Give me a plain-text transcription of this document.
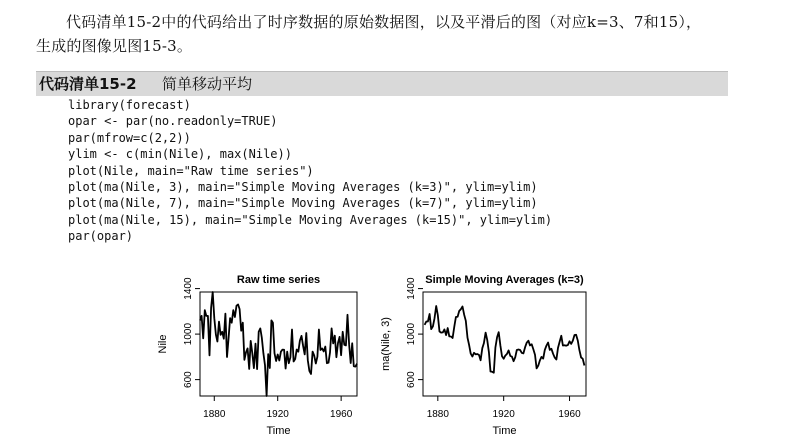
代码清单15-2中的代码给出了时序数据的原始数据图，以及平滑后的图（对应k=3、7和15），
生成的图像见图15-3。
代码清单15-2 简单移动平均
library(forecast)
opar <- par(no.readonly=TRUE)
par(mfrow=c(2,2))
ylim <- c(min(Nile), max(Nile))
plot(Nile, main="Raw time series")
plot(ma(Nile, 3), main="Simple Moving Averages (k=3)", ylim=ylim)
plot(ma(Nile, 7), main="Simple Moving Averages (k=7)", ylim=ylim)
plot(ma(Nile, 15), main="Simple Moving Averages (k=15)", ylim=ylim)
par(opar)
Raw time series
1880	1920	1960
600
1000
1400
Time
Nile
Simple Moving Averages (k=3)
1880	1920	1960
600
1000
1400
Time
ma(Nile, 3)
